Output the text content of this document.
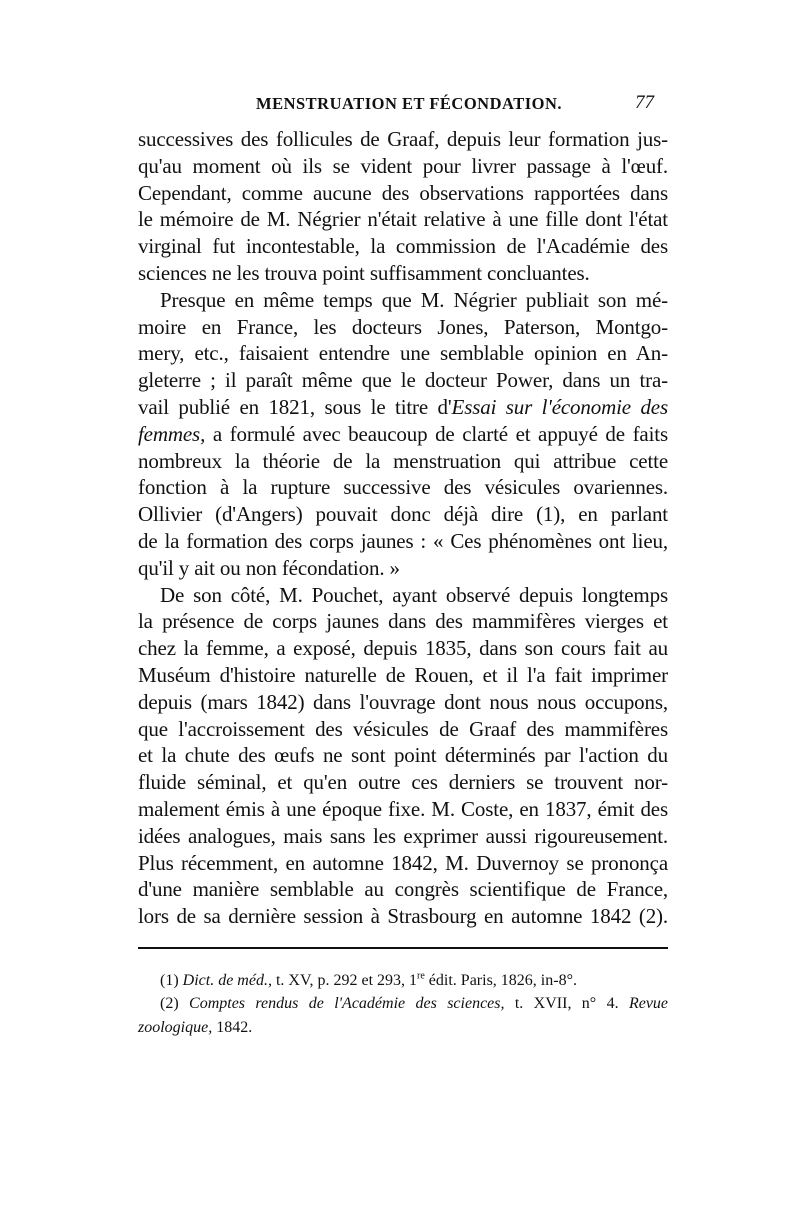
MENSTRUATION ET FÉCONDATION.	77
successives des follicules de Graaf, depuis leur formation jus-
qu'au moment où ils se vident pour livrer passage à l'œuf.
Cependant, comme aucune des observations rapportées dans
le mémoire de M. Négrier n'était relative à une fille dont l'état
virginal fut incontestable, la commission de l'Académie des
sciences ne les trouva point suffisamment concluantes.
Presque en même temps que M. Négrier publiait son mé-
moire en France, les docteurs Jones, Paterson, Montgo-
mery, etc., faisaient entendre une semblable opinion en An-
gleterre ; il paraît même que le docteur Power, dans un tra-
vail publié en 1821, sous le titre d'Essai sur l'économie des
femmes, a formulé avec beaucoup de clarté et appuyé de faits
nombreux la théorie de la menstruation qui attribue cette
fonction à la rupture successive des vésicules ovariennes.
Ollivier (d'Angers) pouvait donc déjà dire (1), en parlant
de la formation des corps jaunes : « Ces phénomènes ont lieu,
qu'il y ait ou non fécondation. »
De son côté, M. Pouchet, ayant observé depuis longtemps
la présence de corps jaunes dans des mammifères vierges et
chez la femme, a exposé, depuis 1835, dans son cours fait au
Muséum d'histoire naturelle de Rouen, et il l'a fait imprimer
depuis (mars 1842) dans l'ouvrage dont nous nous occupons,
que l'accroissement des vésicules de Graaf des mammifères
et la chute des œufs ne sont point déterminés par l'action du
fluide séminal, et qu'en outre ces derniers se trouvent nor-
malement émis à une époque fixe. M. Coste, en 1837, émit des
idées analogues, mais sans les exprimer aussi rigoureusement.
Plus récemment, en automne 1842, M. Duvernoy se prononça
d'une manière semblable au congrès scientifique de France,
lors de sa dernière session à Strasbourg en automne 1842 (2).
(1) Dict. de méd., t. XV, p. 292 et 293, 1re édit. Paris, 1826, in-8°.
(2) Comptes rendus de l'Académie des sciences, t. XVII, n° 4. Revue
zoologique, 1842.
